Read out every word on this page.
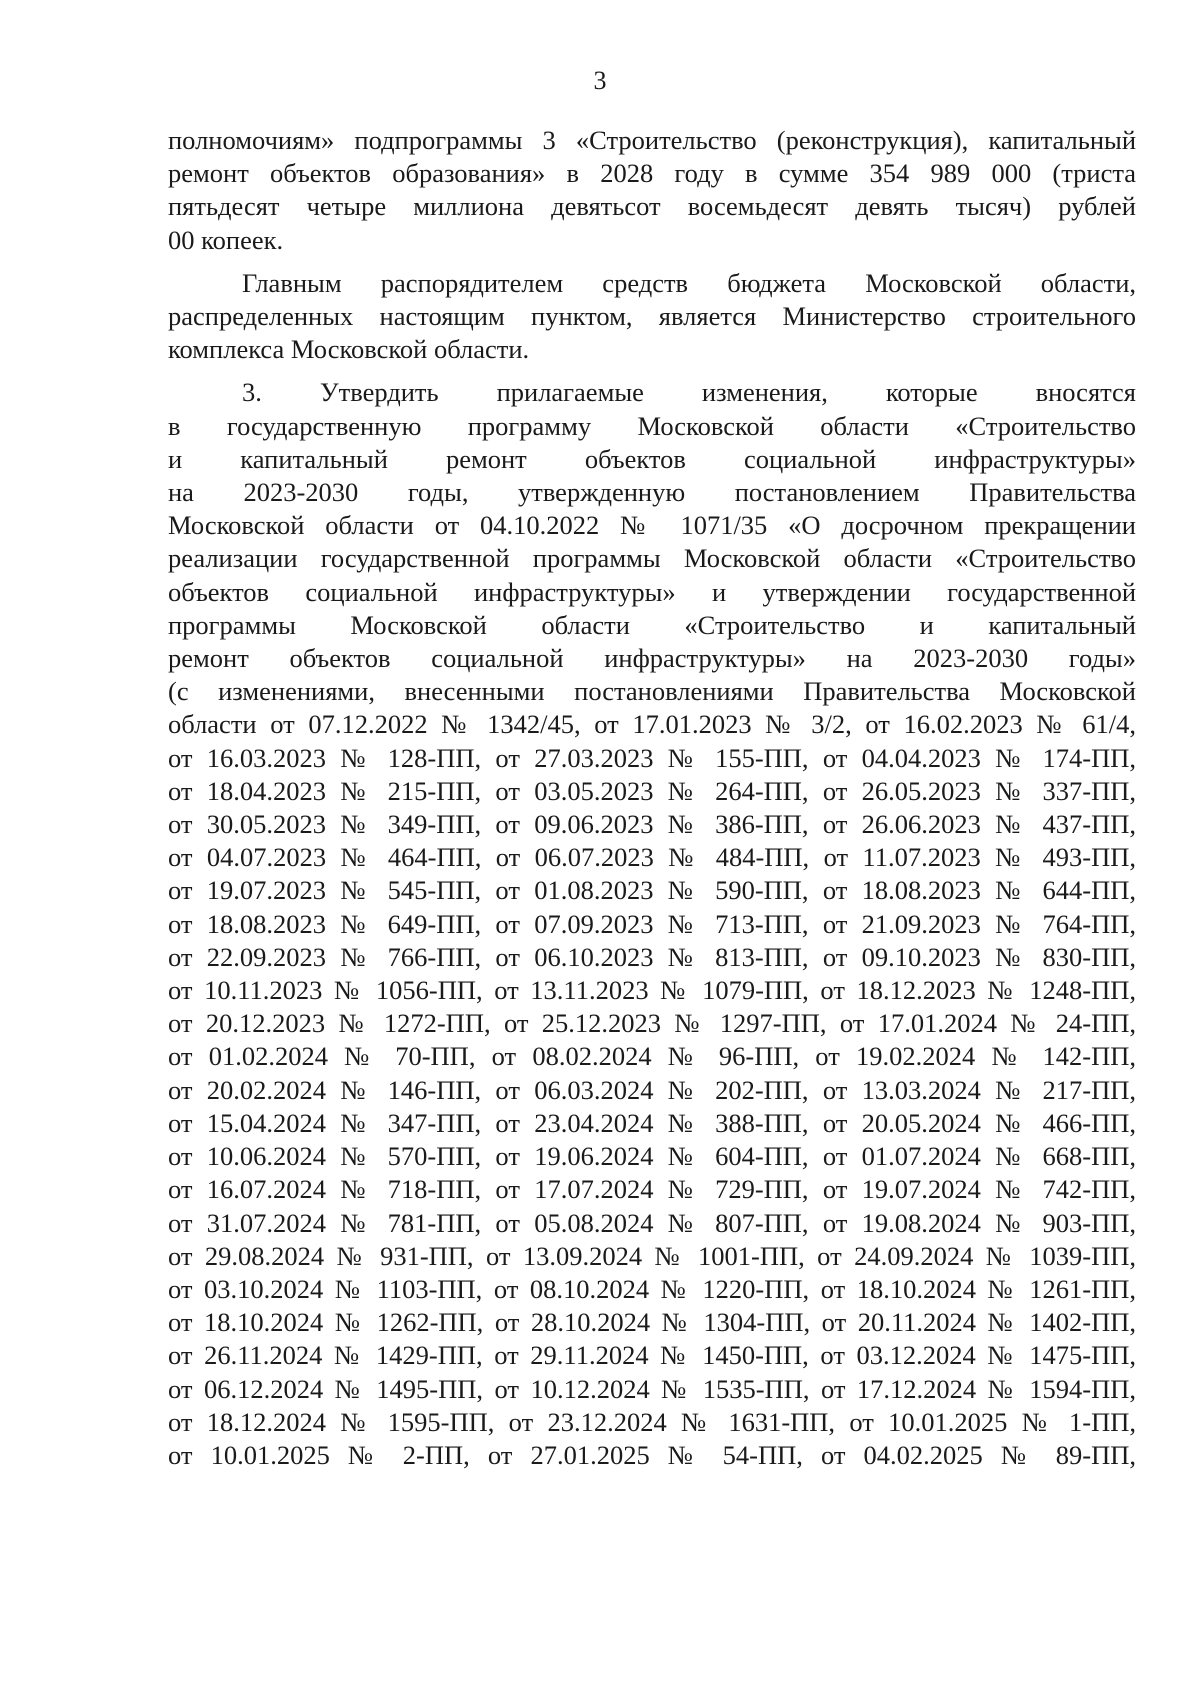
3
полномочиям» подпрограммы 3 «Строительство (реконструкция), капитальный
ремонт объектов образования» в 2028 году в сумме 354 989 000 (триста
пятьдесят четыре миллиона девятьсот восемьдесят девять тысяч) рублей
00 копеек.
Главным распорядителем средств бюджета Московской области,
распределенных настоящим пунктом, является Министерство строительного
комплекса Московской области.
3. Утвердить прилагаемые изменения, которые вносятся
в государственную программу Московской области «Строительство
и капитальный ремонт объектов социальной инфраструктуры»
на 2023-2030 годы, утвержденную постановлением Правительства
Московской области от 04.10.2022 № 1071/35 «О досрочном прекращении
реализации государственной программы Московской области «Строительство
объектов социальной инфраструктуры» и утверждении государственной
программы Московской области «Строительство и капитальный
ремонт объектов социальной инфраструктуры» на 2023-2030 годы»
(с изменениями, внесенными постановлениями Правительства Московской
области от 07.12.2022 № 1342/45, от 17.01.2023 № 3/2, от 16.02.2023 № 61/4,
от 16.03.2023 № 128-ПП, от 27.03.2023 № 155-ПП, от 04.04.2023 № 174-ПП,
от 18.04.2023 № 215-ПП, от 03.05.2023 № 264-ПП, от 26.05.2023 № 337-ПП,
от 30.05.2023 № 349-ПП, от 09.06.2023 № 386-ПП, от 26.06.2023 № 437-ПП,
от 04.07.2023 № 464-ПП, от 06.07.2023 № 484-ПП, от 11.07.2023 № 493-ПП,
от 19.07.2023 № 545-ПП, от 01.08.2023 № 590-ПП, от 18.08.2023 № 644-ПП,
от 18.08.2023 № 649-ПП, от 07.09.2023 № 713-ПП, от 21.09.2023 № 764-ПП,
от 22.09.2023 № 766-ПП, от 06.10.2023 № 813-ПП, от 09.10.2023 № 830-ПП,
от 10.11.2023 № 1056-ПП, от 13.11.2023 № 1079-ПП, от 18.12.2023 № 1248-ПП,
от 20.12.2023 № 1272-ПП, от 25.12.2023 № 1297-ПП, от 17.01.2024 № 24-ПП,
от 01.02.2024 № 70-ПП, от 08.02.2024 № 96-ПП, от 19.02.2024 № 142-ПП,
от 20.02.2024 № 146-ПП, от 06.03.2024 № 202-ПП, от 13.03.2024 № 217-ПП,
от 15.04.2024 № 347-ПП, от 23.04.2024 № 388-ПП, от 20.05.2024 № 466-ПП,
от 10.06.2024 № 570-ПП, от 19.06.2024 № 604-ПП, от 01.07.2024 № 668-ПП,
от 16.07.2024 № 718-ПП, от 17.07.2024 № 729-ПП, от 19.07.2024 № 742-ПП,
от 31.07.2024 № 781-ПП, от 05.08.2024 № 807-ПП, от 19.08.2024 № 903-ПП,
от 29.08.2024 № 931-ПП, от 13.09.2024 № 1001-ПП, от 24.09.2024 № 1039-ПП,
от 03.10.2024 № 1103-ПП, от 08.10.2024 № 1220-ПП, от 18.10.2024 № 1261-ПП,
от 18.10.2024 № 1262-ПП, от 28.10.2024 № 1304-ПП, от 20.11.2024 № 1402-ПП,
от 26.11.2024 № 1429-ПП, от 29.11.2024 № 1450-ПП, от 03.12.2024 № 1475-ПП,
от 06.12.2024 № 1495-ПП, от 10.12.2024 № 1535-ПП, от 17.12.2024 № 1594-ПП,
от 18.12.2024 № 1595-ПП, от 23.12.2024 № 1631-ПП, от 10.01.2025 № 1-ПП,
от 10.01.2025 № 2-ПП, от 27.01.2025 № 54-ПП, от 04.02.2025 № 89-ПП,
